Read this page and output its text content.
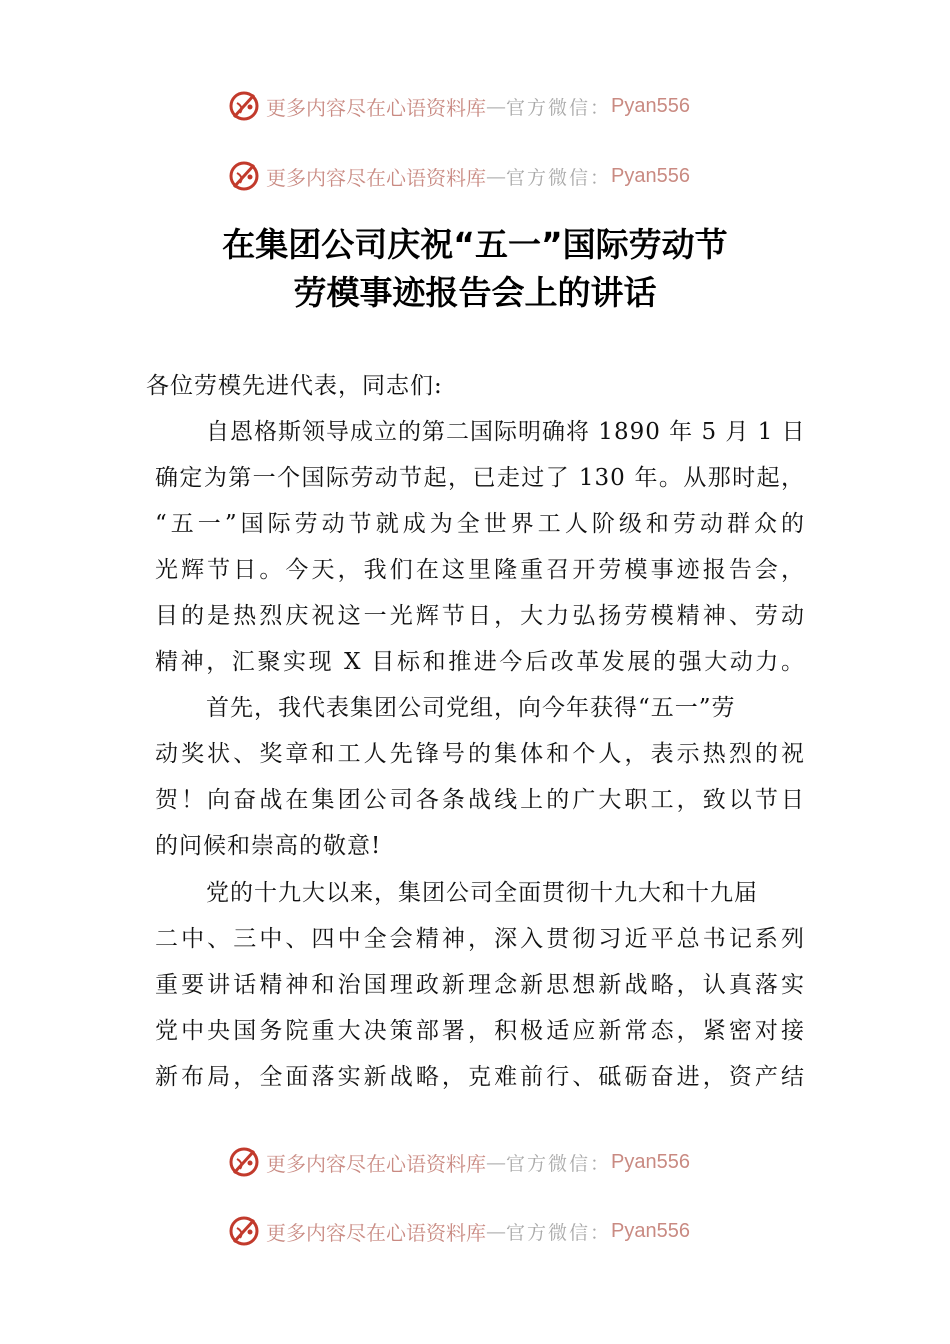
更多内容尽在心语资料库 — 官方微信： Pyan556
更多内容尽在心语资料库 — 官方微信： Pyan556
在集团公司庆祝“五一”国际劳动节
劳模事迹报告会上的讲话
各位劳模先进代表，同志们:
自恩格斯领导成立的第二国际明确将 1890 年 5 月 1 日
确定为第一个国际劳动节起，已走过了 130 年。从那时起，
“五一”国际劳动节就成为全世界工人阶级和劳动群众的
光辉节日。今天，我们在这里隆重召开劳模事迹报告会，
目的是热烈庆祝这一光辉节日，大力弘扬劳模精神、劳动
精神，汇聚实现 X 目标和推进今后改革发展的强大动力。
首先，我代表集团公司党组，向今年获得“五一”劳
动奖状、奖章和工人先锋号的集体和个人，表示热烈的祝
贺！向奋战在集团公司各条战线上的广大职工，致以节日
的问候和崇高的敬意!
党的十九大以来，集团公司全面贯彻十九大和十九届
二中、三中、四中全会精神，深入贯彻习近平总书记系列
重要讲话精神和治国理政新理念新思想新战略，认真落实
党中央国务院重大决策部署，积极适应新常态，紧密对接
新布局，全面落实新战略，克难前行、砥砺奋进，资产结
更多内容尽在心语资料库 — 官方微信： Pyan556
更多内容尽在心语资料库 — 官方微信： Pyan556
